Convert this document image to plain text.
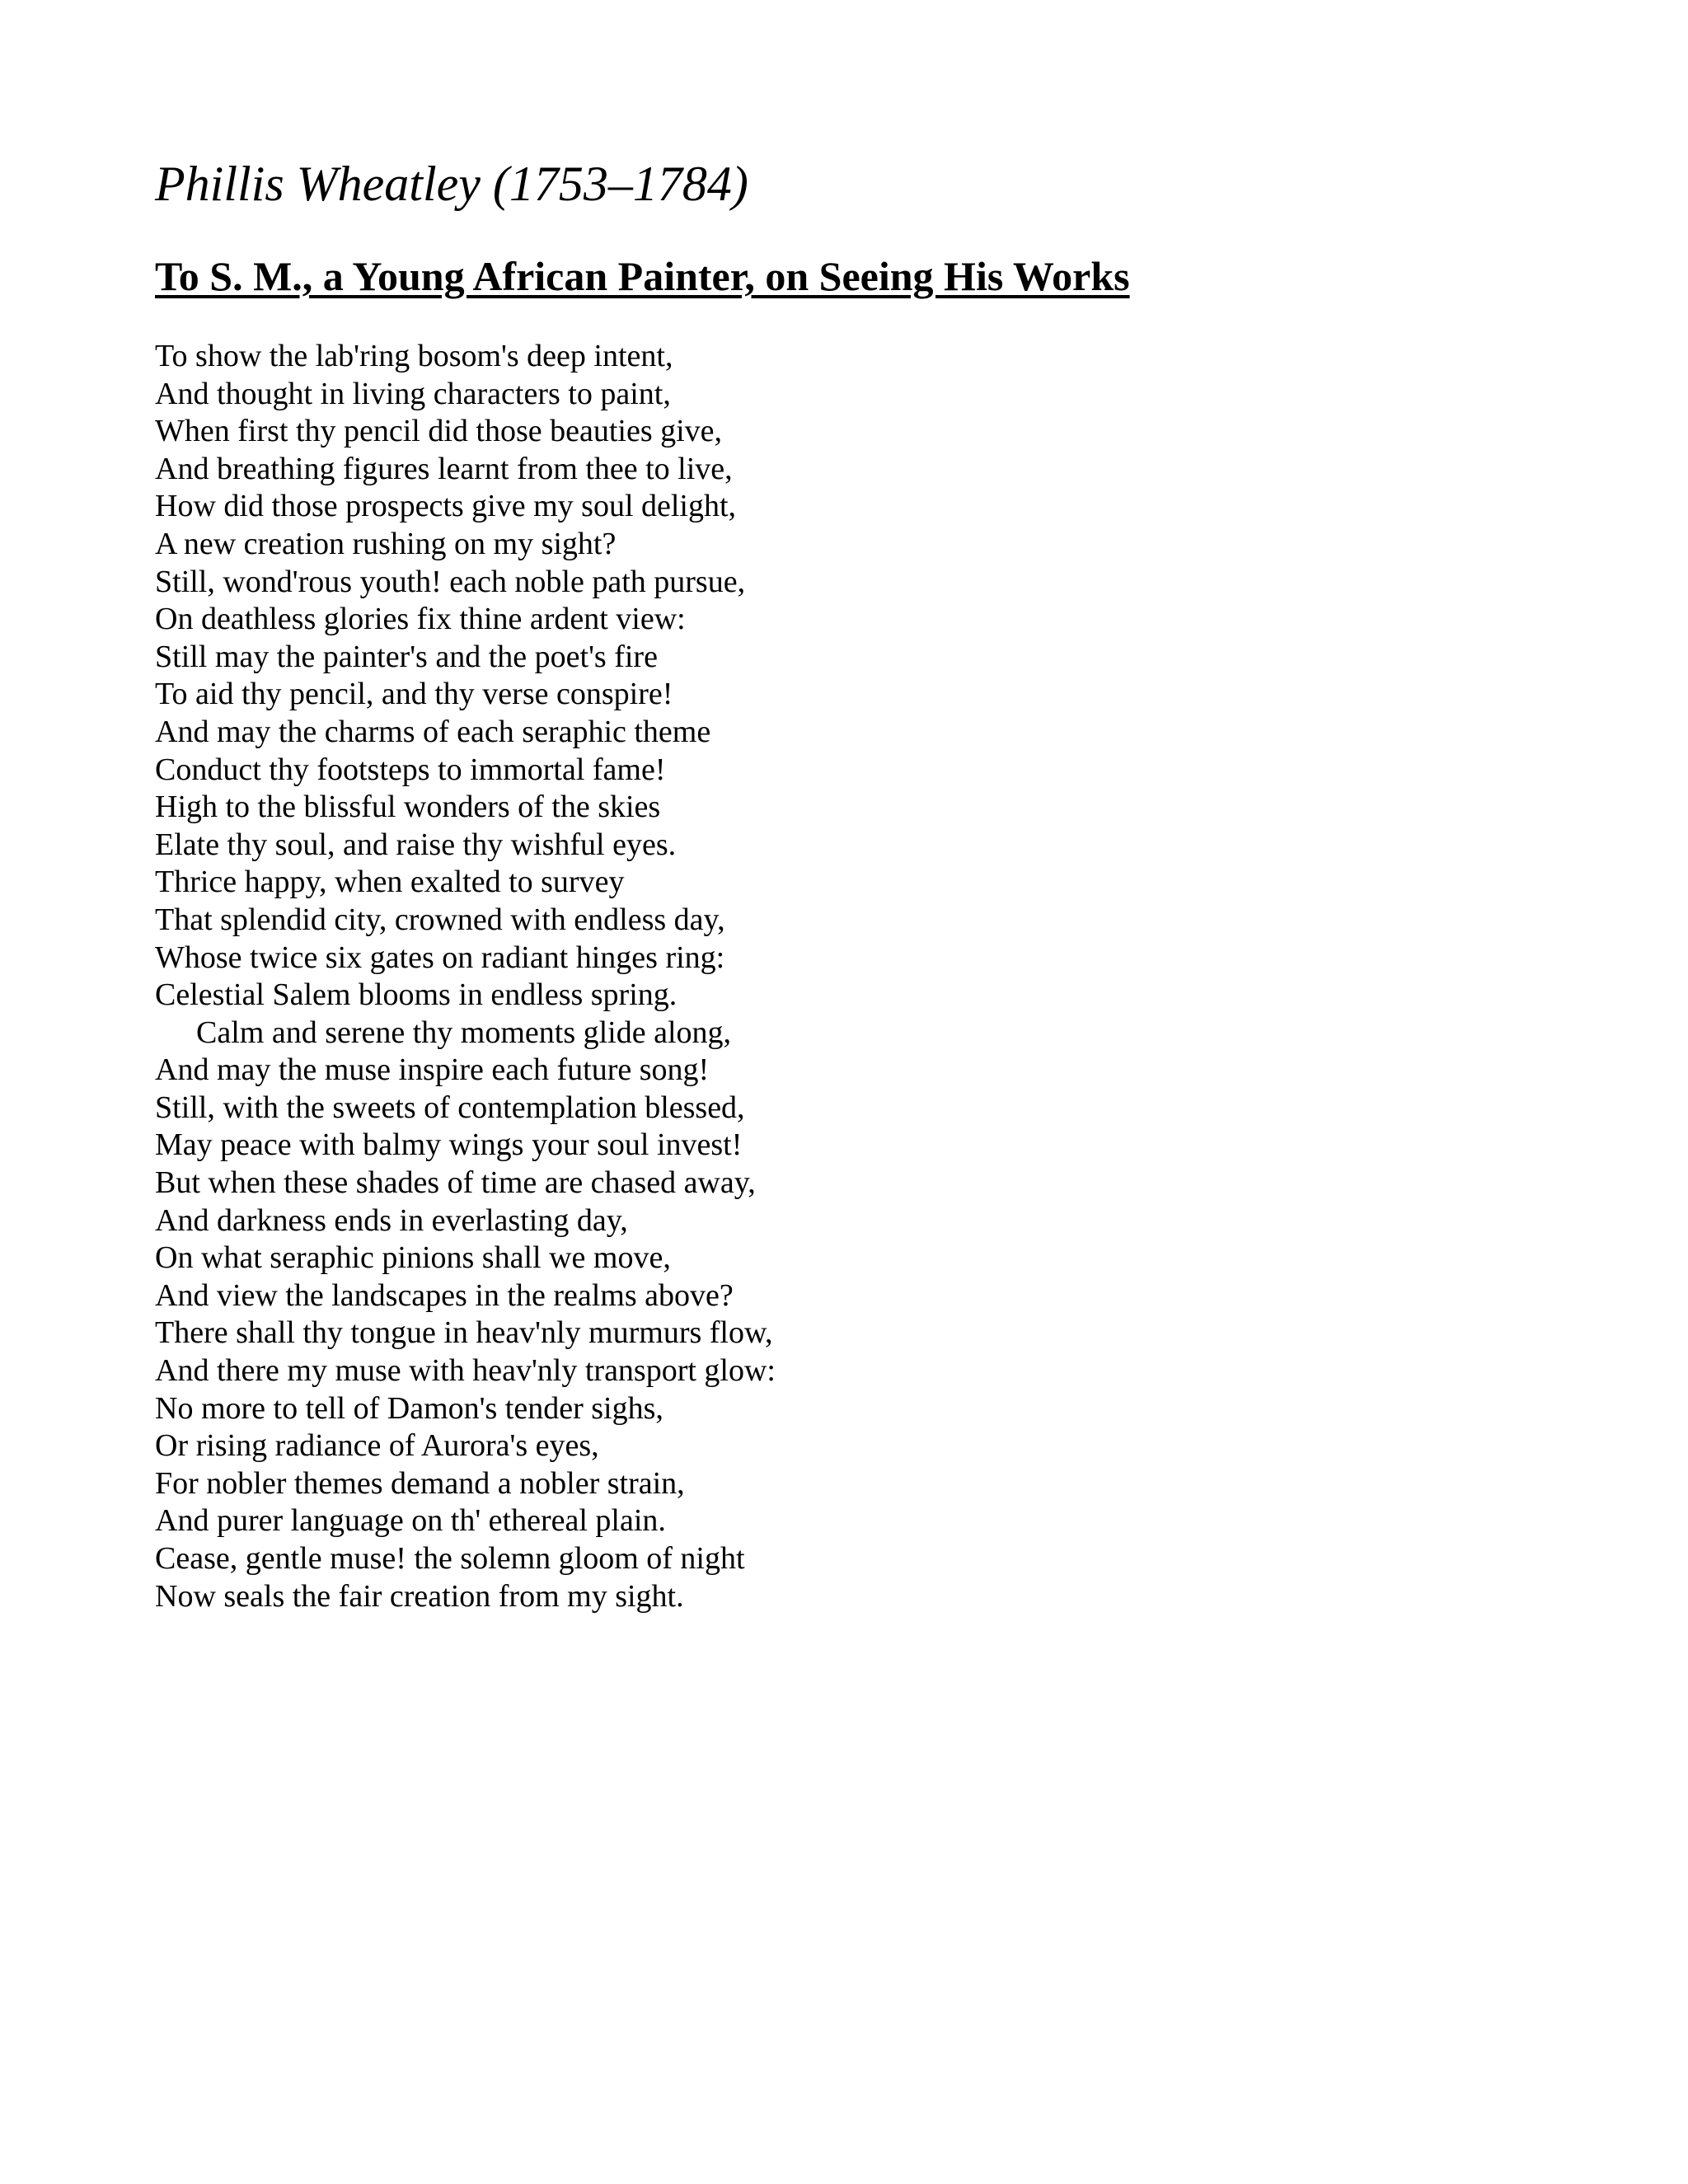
Phillis Wheatley (1753–1784)
To S. M., a Young African Painter, on Seeing His Works
To show the lab'ring bosom's deep intent,
And thought in living characters to paint,
When first thy pencil did those beauties give,
And breathing figures learnt from thee to live,
How did those prospects give my soul delight,
A new creation rushing on my sight?
Still, wond'rous youth! each noble path pursue,
On deathless glories fix thine ardent view:
Still may the painter's and the poet's fire
To aid thy pencil, and thy verse conspire!
And may the charms of each seraphic theme
Conduct thy footsteps to immortal fame!
High to the blissful wonders of the skies
Elate thy soul, and raise thy wishful eyes.
Thrice happy, when exalted to survey
That splendid city, crowned with endless day,
Whose twice six gates on radiant hinges ring:
Celestial Salem blooms in endless spring.
Calm and serene thy moments glide along,
And may the muse inspire each future song!
Still, with the sweets of contemplation blessed,
May peace with balmy wings your soul invest!
But when these shades of time are chased away,
And darkness ends in everlasting day,
On what seraphic pinions shall we move,
And view the landscapes in the realms above?
There shall thy tongue in heav'nly murmurs flow,
And there my muse with heav'nly transport glow:
No more to tell of Damon's tender sighs,
Or rising radiance of Aurora's eyes,
For nobler themes demand a nobler strain,
And purer language on th' ethereal plain.
Cease, gentle muse! the solemn gloom of night
Now seals the fair creation from my sight.
